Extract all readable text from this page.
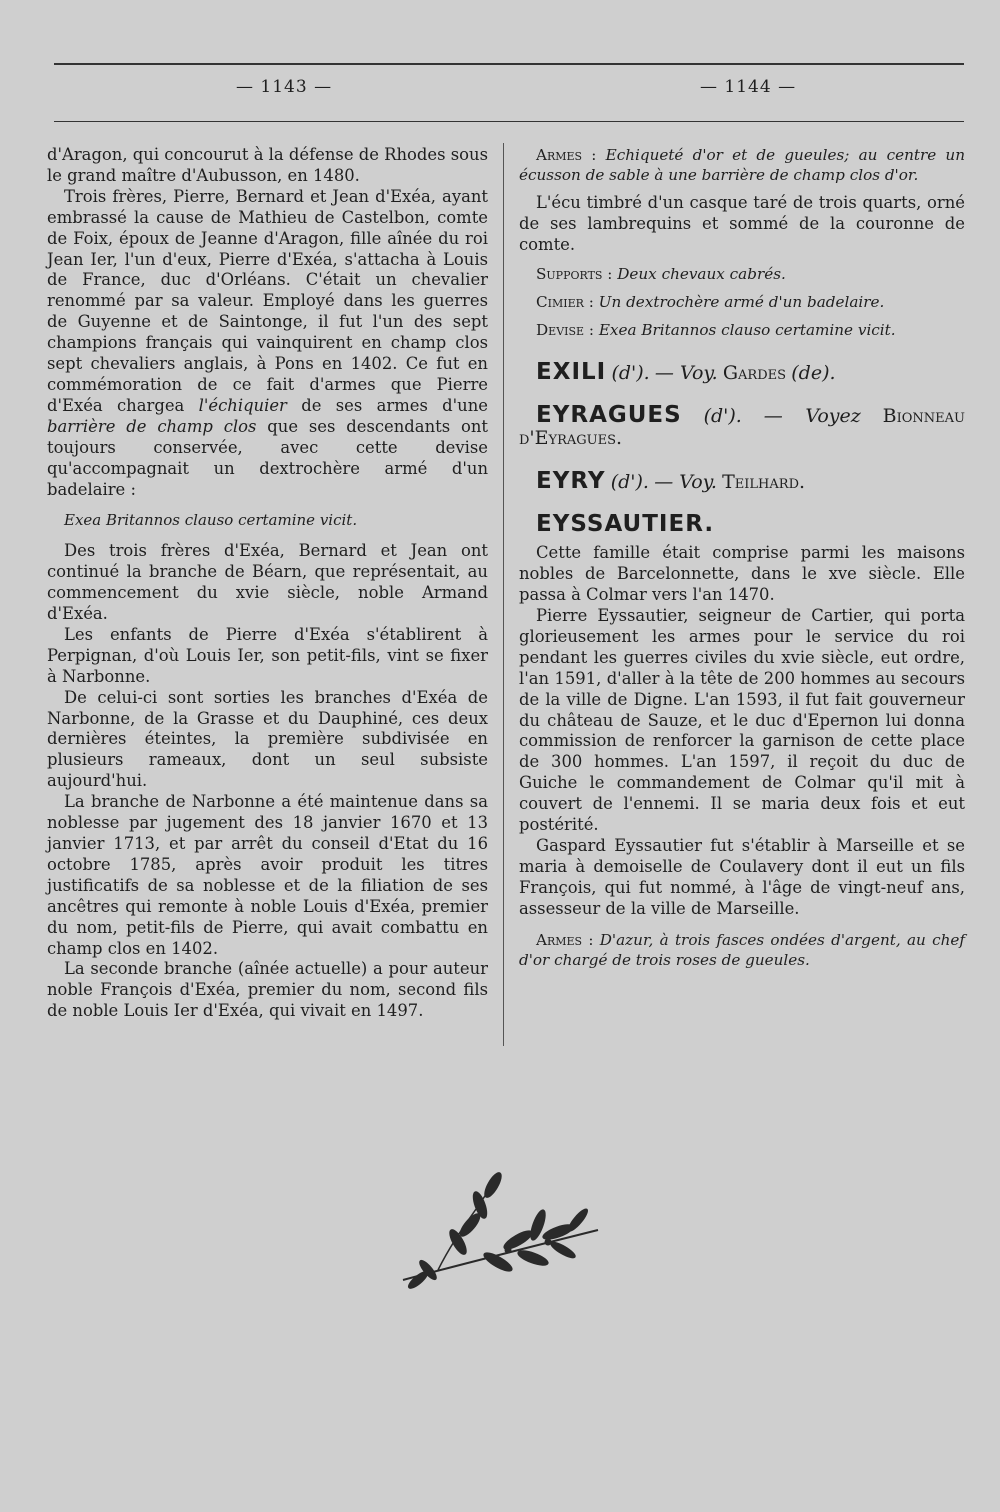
— 1143 —	— 1144 —

d'Aragon, qui concourut à la défense de Rhodes sous le grand maître d'Aubusson, en 1480.

Trois frères, Pierre, Bernard et Jean d'Exéa, ayant embrassé la cause de Mathieu de Castelbon, comte de Foix, époux de Jeanne d'Aragon, fille aînée du roi Jean Ier, l'un d'eux, Pierre d'Exéa, s'attacha à Louis de France, duc d'Orléans. C'était un chevalier renommé par sa valeur. Employé dans les guerres de Guyenne et de Saintonge, il fut l'un des sept champions français qui vainquirent en champ clos sept chevaliers anglais, à Pons en 1402. Ce fut en commémoration de ce fait d'armes que Pierre d'Exéa chargea l'échiquier de ses armes d'une barrière de champ clos que ses descendants ont toujours conservée, avec cette devise qu'accompagnait un dextrochère armé d'un badelaire :

Exea Britannos clauso certamine vicit.

Des trois frères d'Exéa, Bernard et Jean ont continué la branche de Béarn, que représentait, au commencement du xvie siècle, noble Armand d'Exéa.

Les enfants de Pierre d'Exéa s'établirent à Perpignan, d'où Louis Ier, son petit-fils, vint se fixer à Narbonne.

De celui-ci sont sorties les branches d'Exéa de Narbonne, de la Grasse et du Dauphiné, ces deux dernières éteintes, la première subdivisée en plusieurs rameaux, dont un seul subsiste aujourd'hui.

La branche de Narbonne a été maintenue dans sa noblesse par jugement des 18 janvier 1670 et 13 janvier 1713, et par arrêt du conseil d'Etat du 16 octobre 1785, après avoir produit les titres justificatifs de sa noblesse et de la filiation de ses ancêtres qui remonte à noble Louis d'Exéa, premier du nom, petit-fils de Pierre, qui avait combattu en champ clos en 1402.

La seconde branche (aînée actuelle) a pour auteur noble François d'Exéa, premier du nom, second fils de noble Louis Ier d'Exéa, qui vivait en 1497.

Armes : Echiqueté d'or et de gueules; au centre un écusson de sable à une barrière de champ clos d'or.

L'écu timbré d'un casque taré de trois quarts, orné de ses lambrequins et sommé de la couronne de comte.

Supports : Deux chevaux cabrés.

Cimier : Un dextrochère armé d'un badelaire.

Devise : Exea Britannos clauso certamine vicit.

EXILI (d'). — Voy. Gardes (de).

EYRAGUES (d'). — Voyez Bionneau d'Eyragues.

EYRY (d'). — Voy. Teilhard.

EYSSAUTIER.

Cette famille était comprise parmi les maisons nobles de Barcelonnette, dans le xve siècle. Elle passa à Colmar vers l'an 1470.

Pierre Eyssautier, seigneur de Cartier, qui porta glorieusement les armes pour le service du roi pendant les guerres civiles du xvie siècle, eut ordre, l'an 1591, d'aller à la tête de 200 hommes au secours de la ville de Digne. L'an 1593, il fut fait gouverneur du château de Sauze, et le duc d'Epernon lui donna commission de renforcer la garnison de cette place de 300 hommes. L'an 1597, il reçoit du duc de Guiche le commandement de Colmar qu'il mit à couvert de l'ennemi. Il se maria deux fois et eut postérité.

Gaspard Eyssautier fut s'établir à Marseille et se maria à demoiselle de Coulavery dont il eut un fils François, qui fut nommé, à l'âge de vingt-neuf ans, assesseur de la ville de Marseille.

Armes : D'azur, à trois fasces ondées d'argent, au chef d'or chargé de trois roses de gueules.
